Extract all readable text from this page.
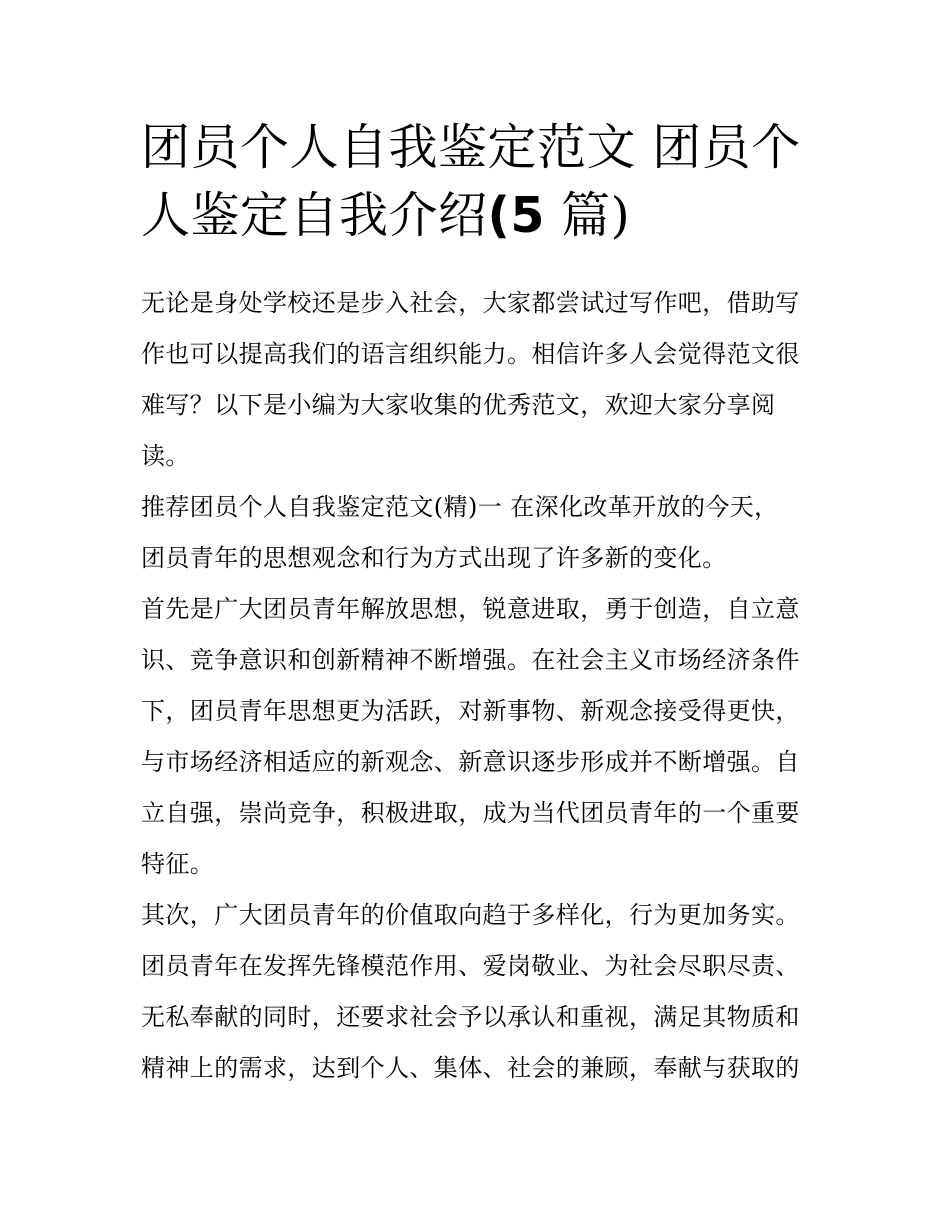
团员个人自我鉴定范文 团员个
人鉴定自我介绍(5 篇)

无论是身处学校还是步入社会，大家都尝试过写作吧，借助写
作也可以提高我们的语言组织能力。相信许多人会觉得范文很
难写？以下是小编为大家收集的优秀范文，欢迎大家分享阅
读。

推荐团员个人自我鉴定范文(精)一 在深化改革开放的今天，
团员青年的思想观念和行为方式出现了许多新的变化。

首先是广大团员青年解放思想，锐意进取，勇于创造，自立意
识、竞争意识和创新精神不断增强。在社会主义市场经济条件
下，团员青年思想更为活跃，对新事物、新观念接受得更快，
与市场经济相适应的新观念、新意识逐步形成并不断增强。自
立自强，崇尚竞争，积极进取，成为当代团员青年的一个重要
特征。

其次，广大团员青年的价值取向趋于多样化，行为更加务实。
团员青年在发挥先锋模范作用、爱岗敬业、为社会尽职尽责、
无私奉献的同时，还要求社会予以承认和重视，满足其物质和
精神上的需求，达到个人、集体、社会的兼顾，奉献与获取的
